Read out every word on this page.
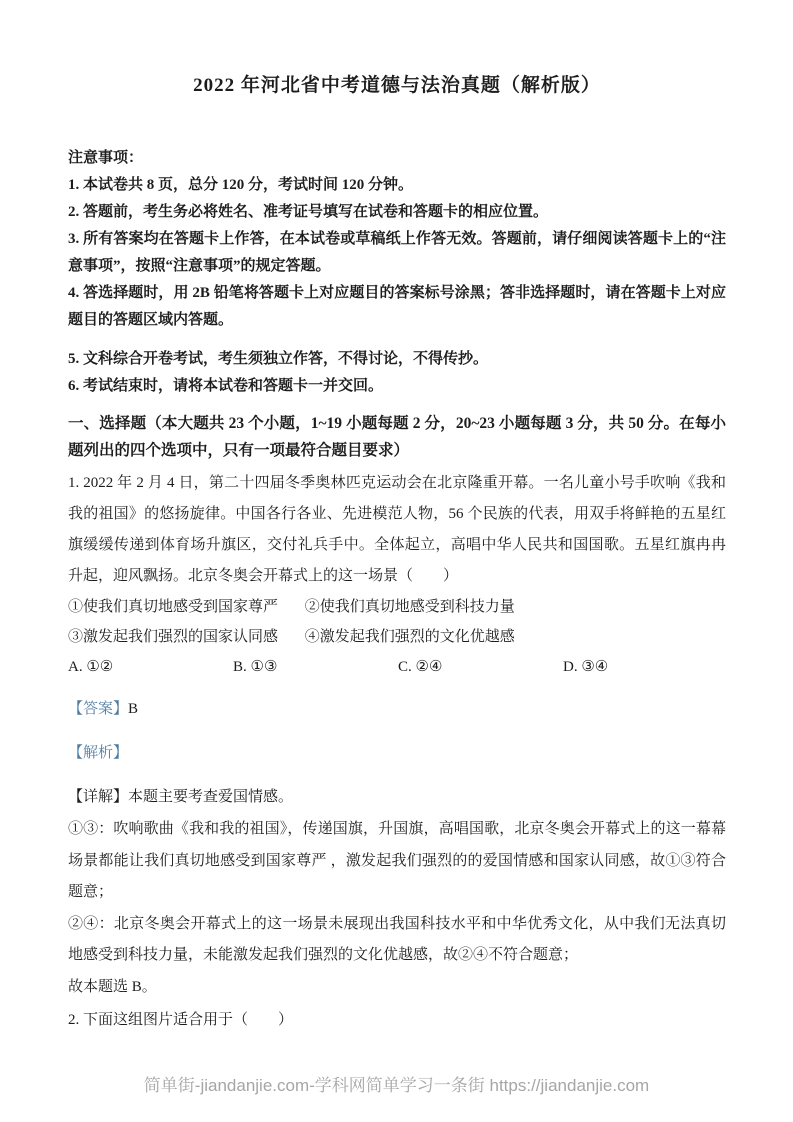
2022 年河北省中考道德与法治真题（解析版）

注意事项：

1. 本试卷共 8 页，总分 120 分，考试时间 120 分钟。

2. 答题前，考生务必将姓名、准考证号填写在试卷和答题卡的相应位置。

3. 所有答案均在答题卡上作答，在本试卷或草稿纸上作答无效。答题前，请仔细阅读答题卡上的“注意事项”，按照“注意事项”的规定答题。

4. 答选择题时，用 2B 铅笔将答题卡上对应题目的答案标号涂黑；答非选择题时，请在答题卡上对应题目的答题区域内答题。

5. 文科综合开卷考试，考生须独立作答，不得讨论，不得传抄。

6. 考试结束时，请将本试卷和答题卡一并交回。

一、选择题（本大题共 23 个小题，1~19 小题每题 2 分，20~23 小题每题 3 分，共 50 分。在每小题列出的四个选项中，只有一项最符合题目要求）

1. 2022 年 2 月 4 日，第二十四届冬季奥林匹克运动会在北京隆重开幕。一名儿童小号手吹响《我和我的祖国》的悠扬旋律。中国各行各业、先进模范人物，56 个民族的代表，用双手将鲜艳的五星红旗缓缓传递到体育场升旗区，交付礼兵手中。全体起立，高唱中华人民共和国国歌。五星红旗冉冉升起，迎风飘扬。北京冬奥会开幕式上的这一场景（　　）

①使我们真切地感受到国家尊严 ②使我们真切地感受到科技力量
③激发起我们强烈的国家认同感 ④激发起我们强烈的文化优越感
A. ①②	B. ①③	C. ②④	D. ③④

【答案】B

【解析】

【详解】本题主要考查爱国情感。

①③：吹响歌曲《我和我的祖国》，传递国旗，升国旗，高唱国歌，北京冬奥会开幕式上的这一幕幕场景都能让我们真切地感受到国家尊严 ，激发起我们强烈的的爱国情感和国家认同感，故①③符合题意；

②④：北京冬奥会开幕式上的这一场景未展现出我国科技水平和中华优秀文化，从中我们无法真切地感受到科技力量，未能激发起我们强烈的文化优越感，故②④不符合题意；

故本题选 B。

2. 下面这组图片适合用于（　　）

简单街-jiandanjie.com-学科网简单学习一条街 https://jiandanjie.com
